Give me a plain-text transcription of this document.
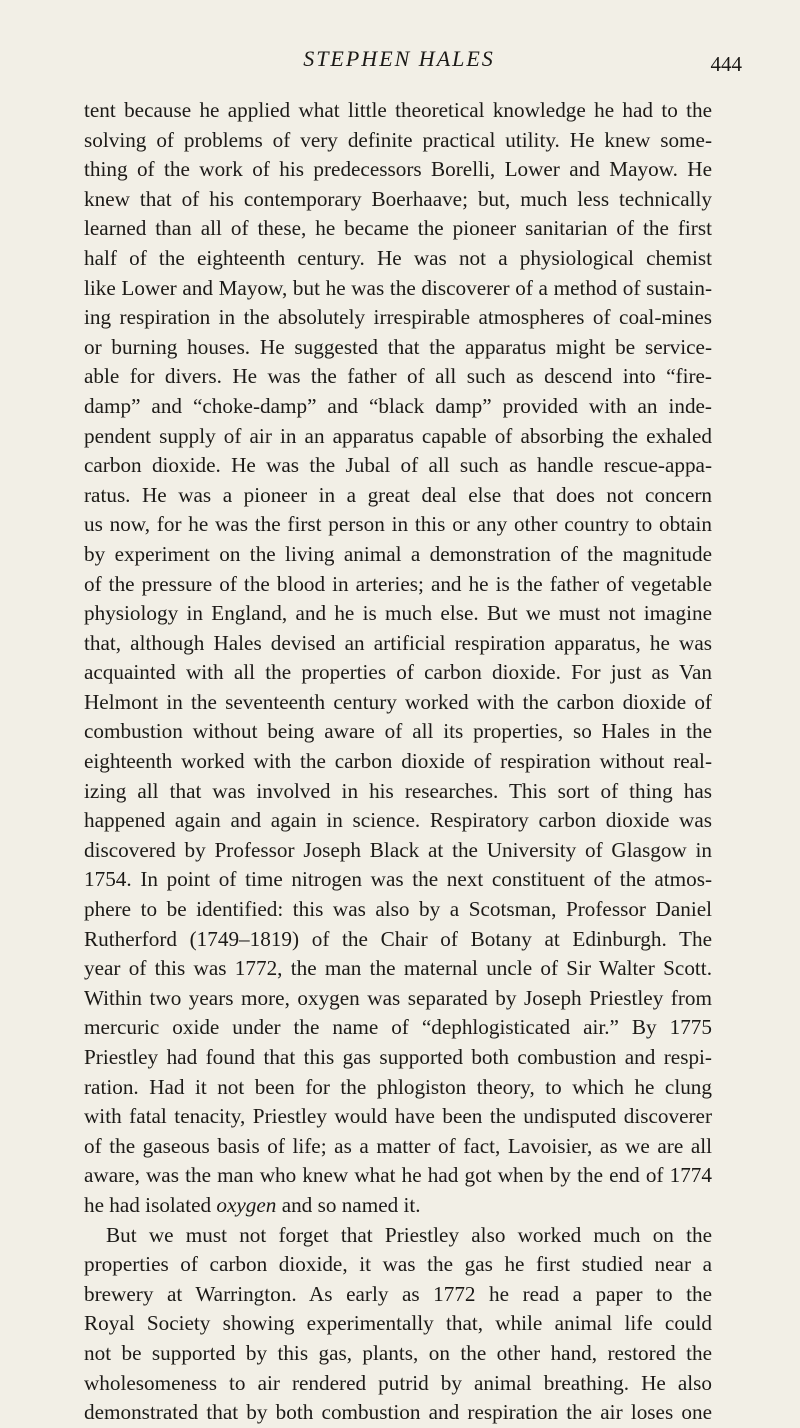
STEPHEN HALES	444
tent because he applied what little theoretical knowledge he had to the
solving of problems of very definite practical utility. He knew some-
thing of the work of his predecessors Borelli, Lower and Mayow. He
knew that of his contemporary Boerhaave; but, much less technically
learned than all of these, he became the pioneer sanitarian of the first
half of the eighteenth century. He was not a physiological chemist
like Lower and Mayow, but he was the discoverer of a method of sustain-
ing respiration in the absolutely irrespirable atmospheres of coal-mines
or burning houses. He suggested that the apparatus might be service-
able for divers. He was the father of all such as descend into “fire-
damp” and “choke-damp” and “black damp” provided with an inde-
pendent supply of air in an apparatus capable of absorbing the exhaled
carbon dioxide. He was the Jubal of all such as handle rescue-appa-
ratus. He was a pioneer in a great deal else that does not concern
us now, for he was the first person in this or any other country to obtain
by experiment on the living animal a demonstration of the magnitude
of the pressure of the blood in arteries; and he is the father of vegetable
physiology in England, and he is much else. But we must not imagine
that, although Hales devised an artificial respiration apparatus, he was
acquainted with all the properties of carbon dioxide. For just as Van
Helmont in the seventeenth century worked with the carbon dioxide of
combustion without being aware of all its properties, so Hales in the
eighteenth worked with the carbon dioxide of respiration without real-
izing all that was involved in his researches. This sort of thing has
happened again and again in science. Respiratory carbon dioxide was
discovered by Professor Joseph Black at the University of Glasgow in
1754. In point of time nitrogen was the next constituent of the atmos-
phere to be identified: this was also by a Scotsman, Professor Daniel
Rutherford (1749–1819) of the Chair of Botany at Edinburgh. The
year of this was 1772, the man the maternal uncle of Sir Walter Scott.
Within two years more, oxygen was separated by Joseph Priestley from
mercuric oxide under the name of “dephlogisticated air.” By 1775
Priestley had found that this gas supported both combustion and respi-
ration. Had it not been for the phlogiston theory, to which he clung
with fatal tenacity, Priestley would have been the undisputed discoverer
of the gaseous basis of life; as a matter of fact, Lavoisier, as we are all
aware, was the man who knew what he had got when by the end of 1774
he had isolated oxygen and so named it.
But we must not forget that Priestley also worked much on the
properties of carbon dioxide, it was the gas he first studied near a
brewery at Warrington. As early as 1772 he read a paper to the
Royal Society showing experimentally that, while animal life could
not be supported by this gas, plants, on the other hand, restored the
wholesomeness to air rendered putrid by animal breathing. He also
demonstrated that by both combustion and respiration the air loses one
